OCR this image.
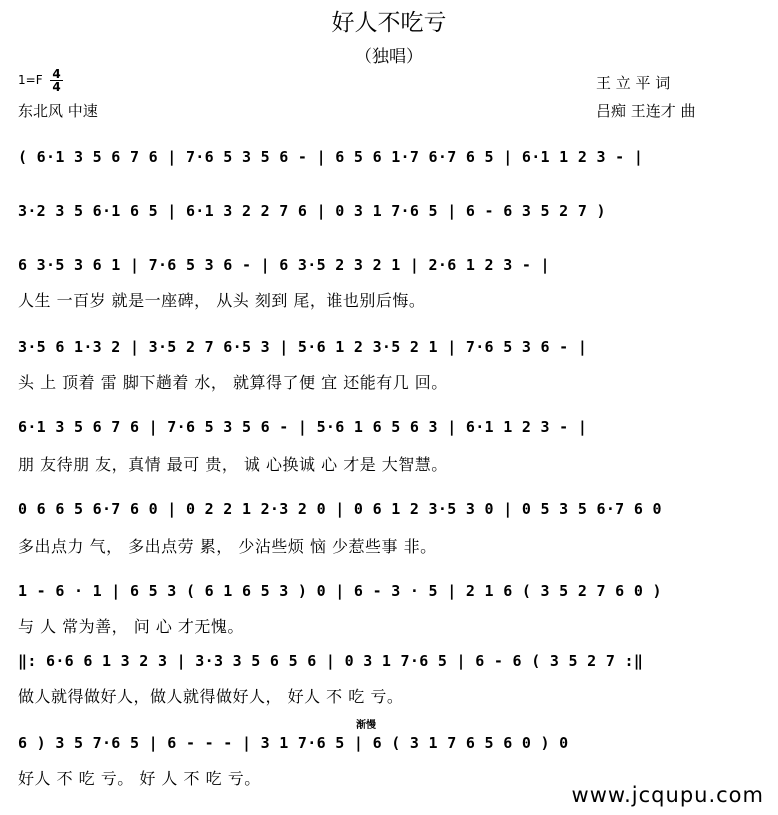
好人不吃亏
（独唱）
$1=F \frac{4}{4}$
东北风 中速
王 立 平 词
吕痴 王连才 曲
( 6·1 3 5 6 7 6 | 7·6 5 3 5 6 - | 6 5 6 1·7 6·7 6 5 | 6·1 1 2 3 - |
3·2 3 5 6·1 6 5 | 6·1 3 2 2 7 6 | 0 3 1 7·6 5 | 6 - 6 3 5 2 7 )
6 3·5 3 6 1 | 7·6 5 3 6 - | 6 3·5 2 3 2 1 | 2·6 1 2 3 - |
人生 一百岁 就是一座碑， 从头 刻到 尾，谁也别后悔。
3·5 6 1·3 2 | 3·5 2 7 6·5 3 | 5·6 1 2 3·5 2 1 | 7·6 5 3 6 - |
头 上 顶着 雷 脚下趟着 水， 就算得了便 宜 还能有几 回。
6·1 3 5 6 7 6 | 7·6 5 3 5 6 - | 5·6 1 6 5 6 3 | 6·1 1 2 3 - |
朋 友待朋 友，真情 最可 贵， 诚 心换诚 心 才是 大智慧。
0 6 6 5 6·7 6 0 | 0 2 2 1 2·3 2 0 | 0 6 1 2 3·5 3 0 | 0 5 3 5 6·7 6 0
多出点力 气， 多出点劳 累， 少沾些烦 恼 少惹些事 非。
1 - 6 · 1 | 6 5 3 ( 6 1 6 5 3 ) 0 | 6 - 3 · 5 | 2 1 6 ( 3 5 2 7 6 0 )
与 人 常为善， 问 心 才无愧。
‖: 6·6 6 1 3 2 3 | 3·3 3 5 6 5 6 | 0 3 1 7·6 5 | 6 - 6 ( 3 5 2 7 :‖
做人就得做好人，做人就得做好人， 好人 不 吃 亏。
渐慢
6 ) 3 5 7·6 5 | 6 - - - | 3 1 7·6 5 | 6 ( 3 1 7 6 5 6 0 ) 0
好人 不 吃 亏。 好 人 不 吃 亏。
www.jcqupu.com
